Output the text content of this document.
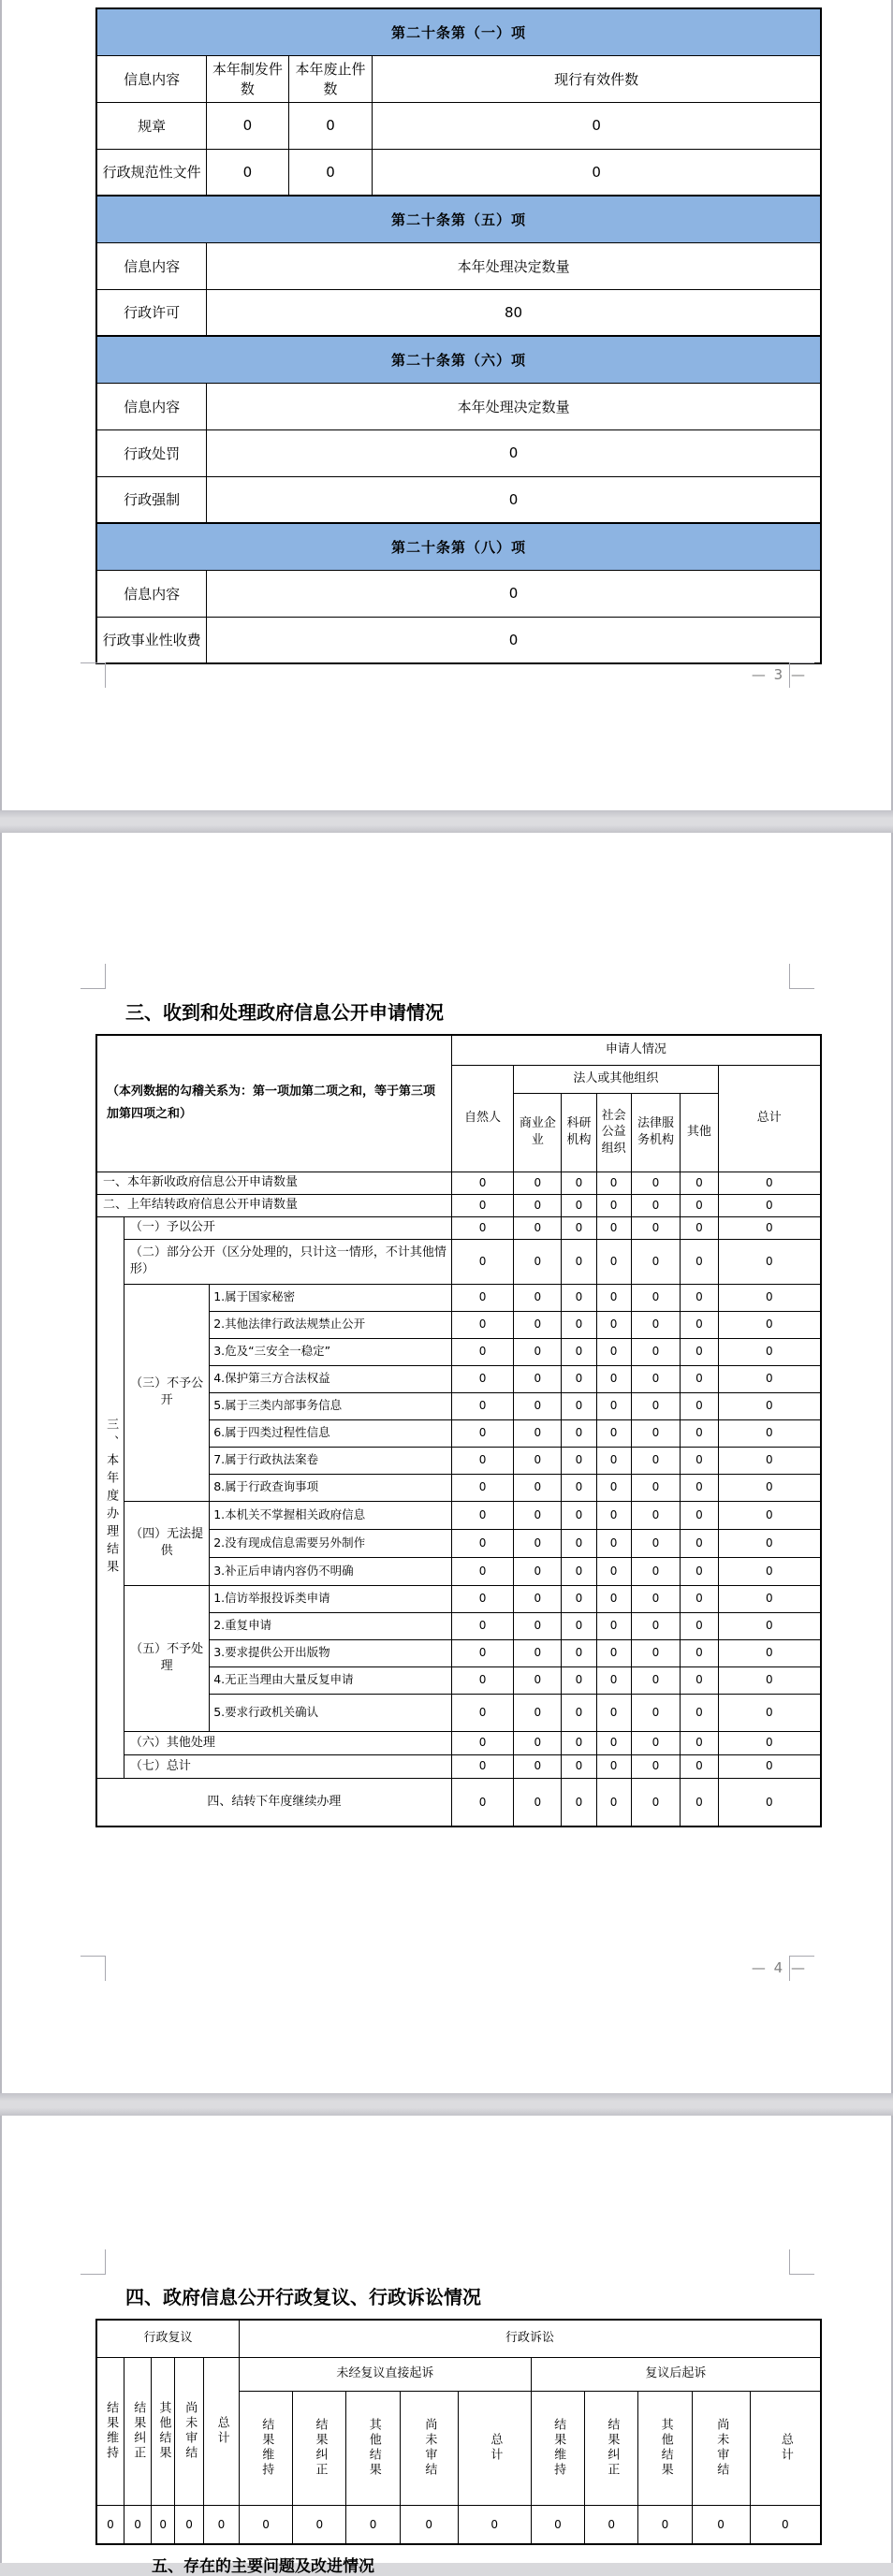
第二十条第（一）项			
信息内容	本年制发件数	本年废止件数	现行有效件数
规章	0	0	0
行政规范性文件	0	0	0
第二十条第（五）项	
信息内容	本年处理决定数量
行政许可	80
第二十条第（六）项	
信息内容	本年处理决定数量
行政处罚	0
行政强制	0
第二十条第（八）项	
信息内容	0
行政事业性收费	0
— 3 —
三、收到和处理政府信息公开申请情况
（本列数据的勾稽关系为：第一项加第二项之和，等于第三项加第四项之和）			申请人情况						
			自然人	法人或其他组织					总计
				商业企业	科研机构	社会公益组织	法律服务机构	其他	
一、本年新收政府信息公开申请数量			0	0	0	0	0	0	0
二、上年结转政府信息公开申请数量			0	0	0	0	0	0	0

三、本年度办理结果	（一）予以公开		0	0	0	0	0	0	0
	（二）部分公开（区分处理的，只计这一情形，不计其他情形）		0	0	0	0	0	0	0
	（三）不予公开	1.属于国家秘密	0	0	0	0	0	0	0
		2.其他法律行政法规禁止公开	0	0	0	0	0	0	0
		3.危及“三安全一稳定”	0	0	0	0	0	0	0
		4.保护第三方合法权益	0	0	0	0	0	0	0
		5.属于三类内部事务信息	0	0	0	0	0	0	0
		6.属于四类过程性信息	0	0	0	0	0	0	0
		7.属于行政执法案卷	0	0	0	0	0	0	0
		8.属于行政查询事项	0	0	0	0	0	0	0
	（四）无法提供	1.本机关不掌握相关政府信息	0	0	0	0	0	0	0
		2.没有现成信息需要另外制作	0	0	0	0	0	0	0
		3.补正后申请内容仍不明确	0	0	0	0	0	0	0
	（五）不予处理	1.信访举报投诉类申请	0	0	0	0	0	0	0
		2.重复申请	0	0	0	0	0	0	0
		3.要求提供公开出版物	0	0	0	0	0	0	0
		4.无正当理由大量反复申请	0	0	0	0	0	0	0
		5.要求行政机关确认	0	0	0	0	0	0	0
	（六）其他处理		0	0	0	0	0	0	0
	（七）总计		0	0	0	0	0	0	0
四、结转下年度继续办理			0	0	0	0	0	0	0
— 4 —
四、政府信息公开行政复议、行政诉讼情况
行政复议					行政诉讼									

结果维持	结果纠正	其他结果	尚未审结	总计	未经复议直接起诉					复议后起诉				

					结果维持	结果纠正	其他结果	尚未审结	总计	结果维持	结果纠正	其他结果	尚未审结	总计

0	0	0	0	0	0	0	0	0	0	0	0	0	0	0
五、存在的主要问题及改进情况
